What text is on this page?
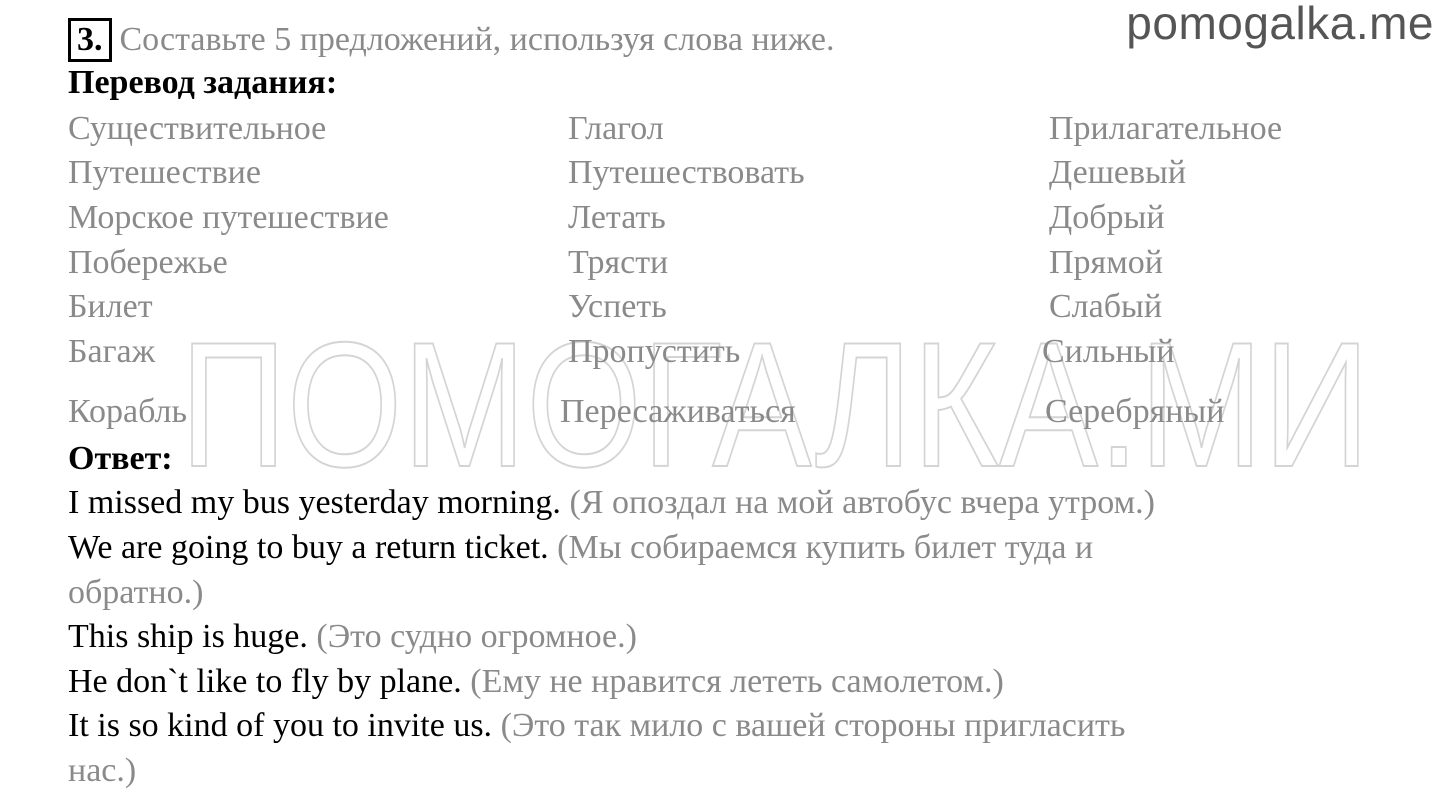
pomogalka.me
ПОМОГАЛКА.МИ
3. Составьте 5 предложений, используя слова ниже.
Перевод задания:
Существительное
Путешествие
Морское путешествие
Побережье
Билет
Багаж
Корабль
Глагол
Путешествовать
Летать
Трясти
Успеть
Пропустить
Пересаживаться
Прилагательное
Дешевый
Добрый
Прямой
Слабый
Сильный
Серебряный
Ответ:
I missed my bus yesterday morning. (Я опоздал на мой автобус вчера утром.)
We are going to buy a return ticket. (Мы собираемся купить билет туда и
обратно.)
This ship is huge. (Это судно огромное.)
He don`t like to fly by plane. (Ему не нравится лететь самолетом.)
It is so kind of you to invite us. (Это так мило с вашей стороны пригласить
нас.)
